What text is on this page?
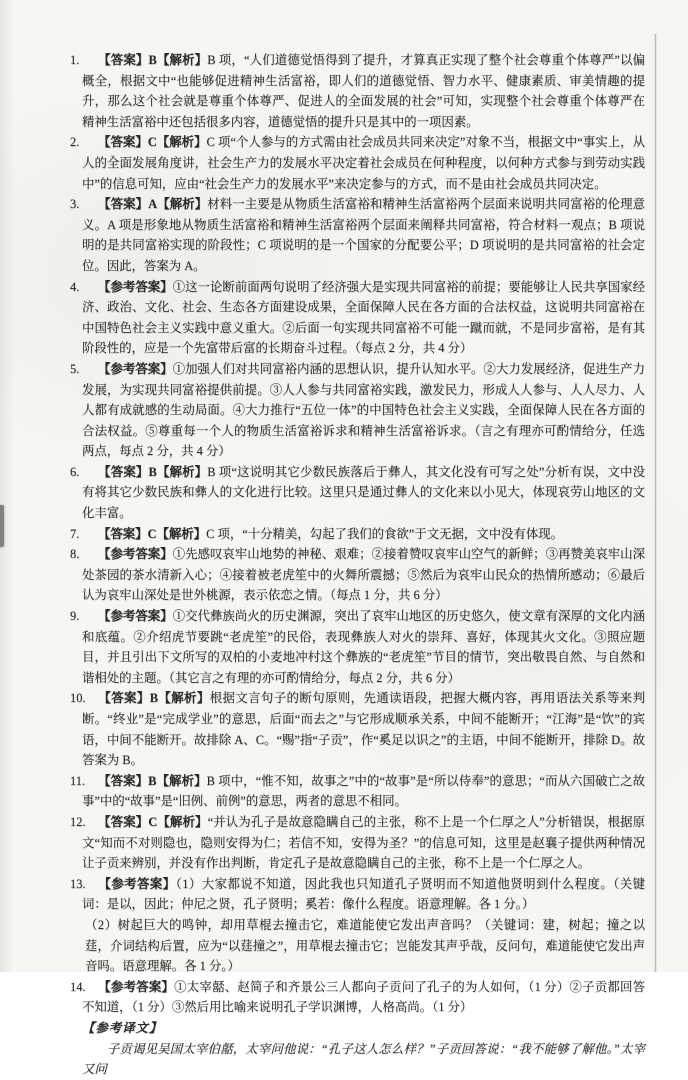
1. 【答案】B【解析】B 项，“人们道德觉悟得到了提升，才算真正实现了整个社会尊重个体尊严”以偏概全，根据文中“也能够促进精神生活富裕，即人们的道德觉悟、智力水平、健康素质、审美情趣的提升，那么这个社会就是尊重个体尊严、促进人的全面发展的社会”可知，实现整个社会尊重个体尊严在精神生活富裕中还包括很多内容，道德觉悟的提升只是其中的一项因素。

2. 【答案】C【解析】C 项“个人参与的方式需由社会成员共同来决定”对象不当，根据文中“事实上，从人的全面发展角度讲，社会生产力的发展水平决定着社会成员在何种程度，以何种方式参与到劳动实践中”的信息可知，应由“社会生产力的发展水平”来决定参与的方式，而不是由社会成员共同决定。

3. 【答案】A【解析】材料一主要是从物质生活富裕和精神生活富裕两个层面来说明共同富裕的伦理意义。A 项是形象地从物质生活富裕和精神生活富裕两个层面来阐释共同富裕，符合材料一观点；B 项说明的是共同富裕实现的阶段性；C 项说明的是一个国家的分配要公平；D 项说明的是共同富裕的社会定位。因此，答案为 A。

4. 【参考答案】①这一论断前面两句说明了经济强大是实现共同富裕的前提；要能够让人民共享国家经济、政治、文化、社会、生态各方面建设成果，全面保障人民在各方面的合法权益，这说明共同富裕在中国特色社会主义实践中意义重大。②后面一句实现共同富裕不可能一蹴而就，不是同步富裕，是有其阶段性的，应是一个先富带后富的长期奋斗过程。（每点 2 分，共 4 分）

5. 【参考答案】①加强人们对共同富裕内涵的思想认识，提升认知水平。②大力发展经济，促进生产力发展，为实现共同富裕提供前提。③人人参与共同富裕实践，激发民力，形成人人参与、人人尽力、人人都有成就感的生动局面。④大力推行“五位一体”的中国特色社会主义实践，全面保障人民在各方面的合法权益。⑤尊重每一个人的物质生活富裕诉求和精神生活富裕诉求。（言之有理亦可酌情给分，任选两点，每点 2 分，共 4 分）

6. 【答案】B【解析】B 项“这说明其它少数民族落后于彝人，其文化没有可写之处”分析有误，文中没有将其它少数民族和彝人的文化进行比较。这里只是通过彝人的文化来以小见大，体现哀劳山地区的文化丰富。

7. 【答案】C【解析】C 项，“十分精美，勾起了我们的食欲”于文无据，文中没有体现。

8. 【参考答案】①先感叹哀牢山地势的神秘、艰难；②接着赞叹哀牢山空气的新鲜；③再赞美哀牢山深处茶园的茶水清新入心；④接着被老虎笙中的火舞所震撼；⑤然后为哀牢山民众的热情所感动；⑥最后认为哀牢山深处是世外桃源，表示依恋之情。（每点 1 分，共 6 分）

9. 【参考答案】①交代彝族尚火的历史渊源，突出了哀牢山地区的历史悠久，使文章有深厚的文化内涵和底蕴。②介绍虎节要跳“老虎笙”的民俗，表现彝族人对火的崇拜、喜好，体现其火文化。③照应题目，并且引出下文所写的双柏的小麦地冲村这个彝族的“老虎笙”节目的情节，突出敬畏自然、与自然和谐相处的主题。（其它言之有理的亦可酌情给分，每点 2 分，共 6 分）

10. 【答案】B【解析】根据文言句子的断句原则，先通读语段，把握大概内容，再用语法关系等来判断。“终业”是“完成学业”的意思，后面“而去之”与它形成顺承关系，中间不能断开；“江海”是“饮”的宾语，中间不能断开。故排除 A、C。“赐”指“子贡”，作“奚足以识之”的主语，中间不能断开，排除 D。故答案为 B。

11. 【答案】B【解析】B 项中，“惟不知，故事之”中的“故事”是“所以侍奉”的意思；“而从六国破亡之故事”中的“故事”是“旧例、前例”的意思，两者的意思不相同。

12. 【答案】C【解析】“并认为孔子是故意隐瞒自己的主张，称不上是一个仁厚之人”分析错误，根据原文“知而不对则隐也，隐则安得为仁；若信不知，安得为圣？”的信息可知，这里是赵襄子提供两种情况让子贡来辨别，并没有作出判断，肯定孔子是故意隐瞒自己的主张，称不上是一个仁厚之人。

13. 【参考答案】（1）大家都说不知道，因此我也只知道孔子贤明而不知道他贤明到什么程度。（关键词：是以，因此；仲尼之贤，孔子贤明；奚若：像什么程度。语意理解。各 1 分。）

（2）树起巨大的鸣钟，却用草棍去撞击它，难道能使它发出声音吗？（关键词：建，树起；撞之以莛，介词结构后置，应为“以莛撞之”，用草棍去撞击它；岂能发其声乎哉，反问句，难道能使它发出声音吗。语意理解。各 1 分。）

14. 【参考答案】①太宰嚭、赵简子和齐景公三人都向子贡问了孔子的为人如何，（1 分）②子贡都回答不知道，（1 分）③然后用比喻来说明孔子学识渊博，人格高尚。（1 分）

【参考译文】

子贡谒见吴国太宰伯嚭，太宰问他说：“孔子这人怎么样？”子贡回答说：“我不能够了解他。”太宰又问
